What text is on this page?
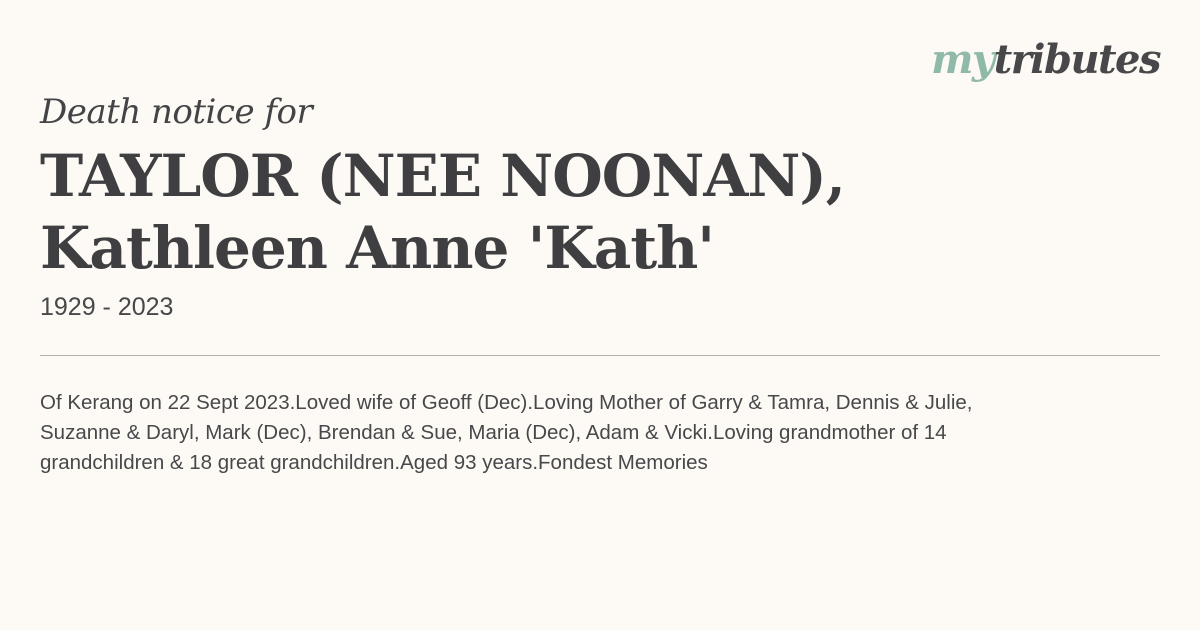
mytributes
Death notice for
TAYLOR (NEE NOONAN),
Kathleen Anne 'Kath'
1929 - 2023

Of Kerang on 22 Sept 2023.Loved wife of Geoff (Dec).Loving Mother of Garry & Tamra, Dennis & Julie, Suzanne & Daryl, Mark (Dec), Brendan & Sue, Maria (Dec), Adam & Vicki.Loving grandmother of 14 grandchildren & 18 great grandchildren.Aged 93 years.Fondest Memories
